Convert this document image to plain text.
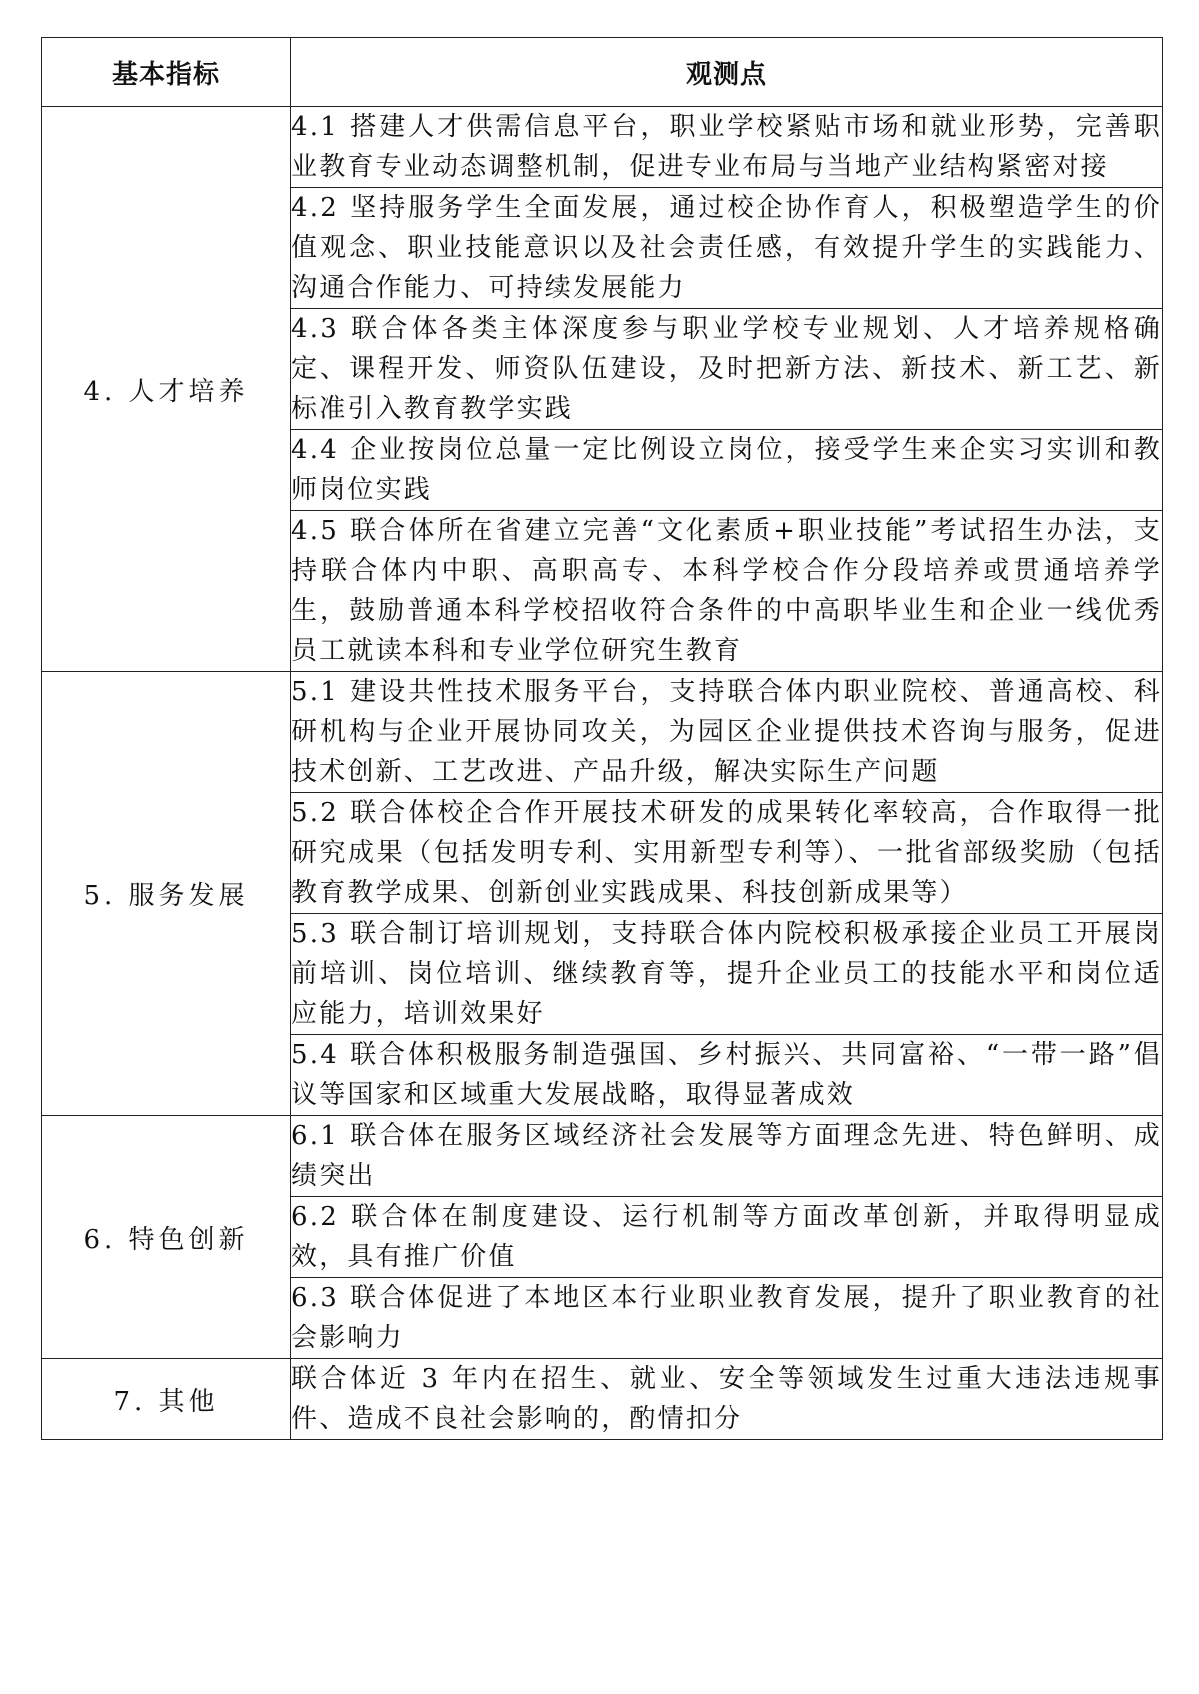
基本指标	观测点
4. 人才培养	4.1 搭建人才供需信息平台，职业学校紧贴市场和就业形势，完善职业教育专业动态调整机制，促进专业布局与当地产业结构紧密对接
	4.2 坚持服务学生全面发展，通过校企协作育人，积极塑造学生的价值观念、职业技能意识以及社会责任感，有效提升学生的实践能力、沟通合作能力、可持续发展能力
	4.3 联合体各类主体深度参与职业学校专业规划、人才培养规格确定、课程开发、师资队伍建设，及时把新方法、新技术、新工艺、新标准引入教育教学实践
	4.4 企业按岗位总量一定比例设立岗位，接受学生来企实习实训和教师岗位实践
	4.5 联合体所在省建立完善“文化素质+职业技能”考试招生办法，支持联合体内中职、高职高专、本科学校合作分段培养或贯通培养学生，鼓励普通本科学校招收符合条件的中高职毕业生和企业一线优秀员工就读本科和专业学位研究生教育
5. 服务发展	5.1 建设共性技术服务平台，支持联合体内职业院校、普通高校、科研机构与企业开展协同攻关，为园区企业提供技术咨询与服务，促进技术创新、工艺改进、产品升级，解决实际生产问题
	5.2 联合体校企合作开展技术研发的成果转化率较高，合作取得一批研究成果（包括发明专利、实用新型专利等）、一批省部级奖励（包括教育教学成果、创新创业实践成果、科技创新成果等）
	5.3 联合制订培训规划，支持联合体内院校积极承接企业员工开展岗前培训、岗位培训、继续教育等，提升企业员工的技能水平和岗位适应能力，培训效果好
	5.4 联合体积极服务制造强国、乡村振兴、共同富裕、“一带一路”倡议等国家和区域重大发展战略，取得显著成效
6. 特色创新	6.1 联合体在服务区域经济社会发展等方面理念先进、特色鲜明、成绩突出
	6.2 联合体在制度建设、运行机制等方面改革创新，并取得明显成效，具有推广价值
	6.3 联合体促进了本地区本行业职业教育发展，提升了职业教育的社会影响力
7. 其他	联合体近 3 年内在招生、就业、安全等领域发生过重大违法违规事件、造成不良社会影响的，酌情扣分
